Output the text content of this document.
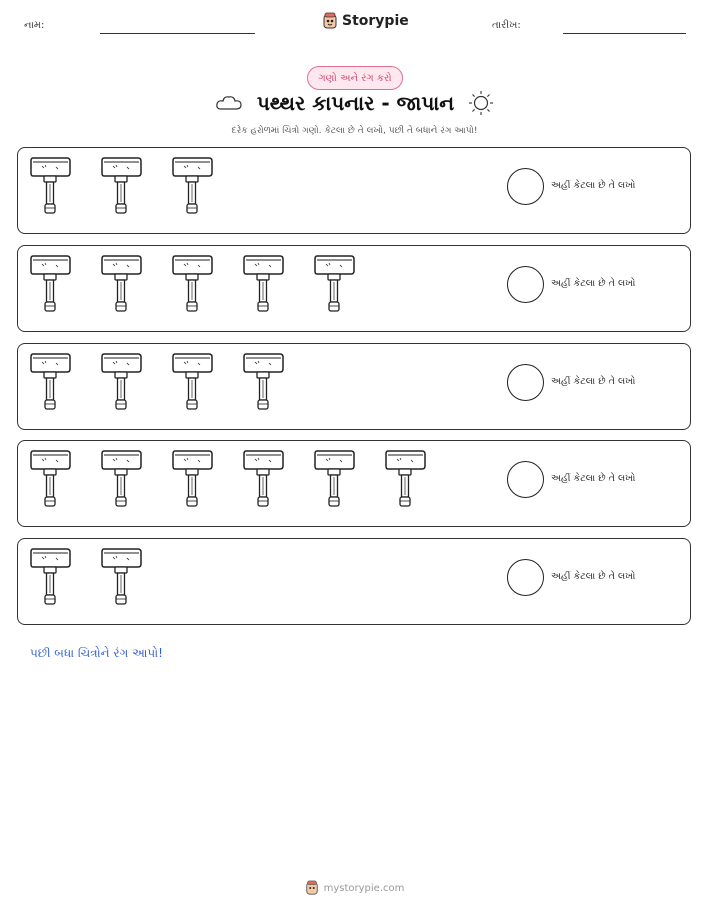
નામ:	Storypie	તારીખ:
ગણો અને રંગ કરો
પથ્થર કાપનાર - જાપાન
દરેક હરોળમાં ચિત્રો ગણો. કેટલા છે તે લખો, પછી તે બધાને રંગ આપો!
અહીં કેટલા છે તે લખો
અહીં કેટલા છે તે લખો
અહીં કેટલા છે તે લખો
અહીં કેટલા છે તે લખો
અહીં કેટલા છે તે લખો
પછી બધા ચિત્રોને રંગ આપો!
mystorypie.com
